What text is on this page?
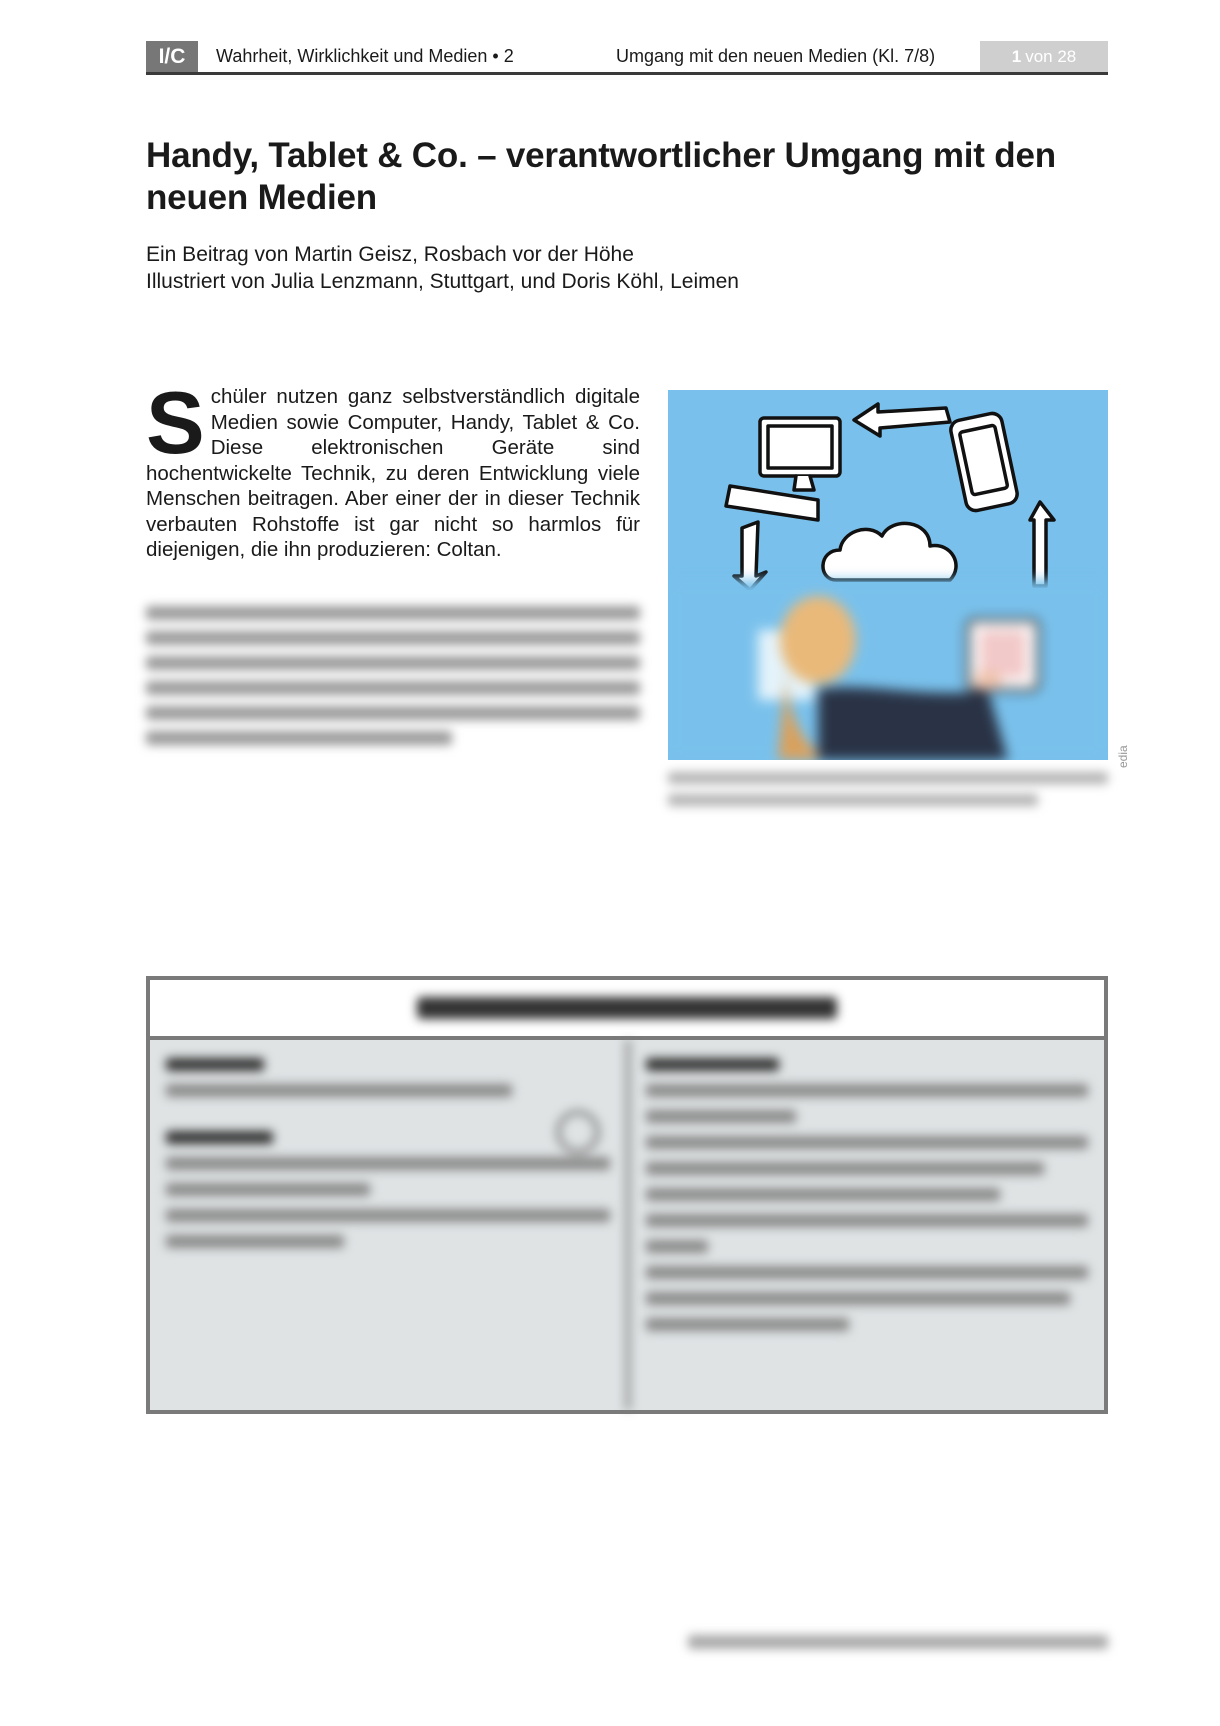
I/C	Wahrheit, Wirklichkeit und Medien • 2	Umgang mit den neuen Medien (Kl. 7/8)	1 von 28
Handy, Tablet & Co. – verantwortlicher Umgang mit den neuen Medien
Ein Beitrag von Martin Geisz, Rosbach vor der Höhe
Illustriert von Julia Lenzmann, Stuttgart, und Doris Köhl, Leimen

Schüler nutzen ganz selbstverständlich digitale Medien sowie Computer, Handy, Tablet & Co. Diese elektronischen Geräte sind hochentwickelte Technik, zu deren Entwicklung viele Menschen beitragen. Aber einer der in dieser Technik verbauten Rohstoffe ist gar nicht so harmlos für diejenigen, die ihn produzieren: Coltan.

edia
